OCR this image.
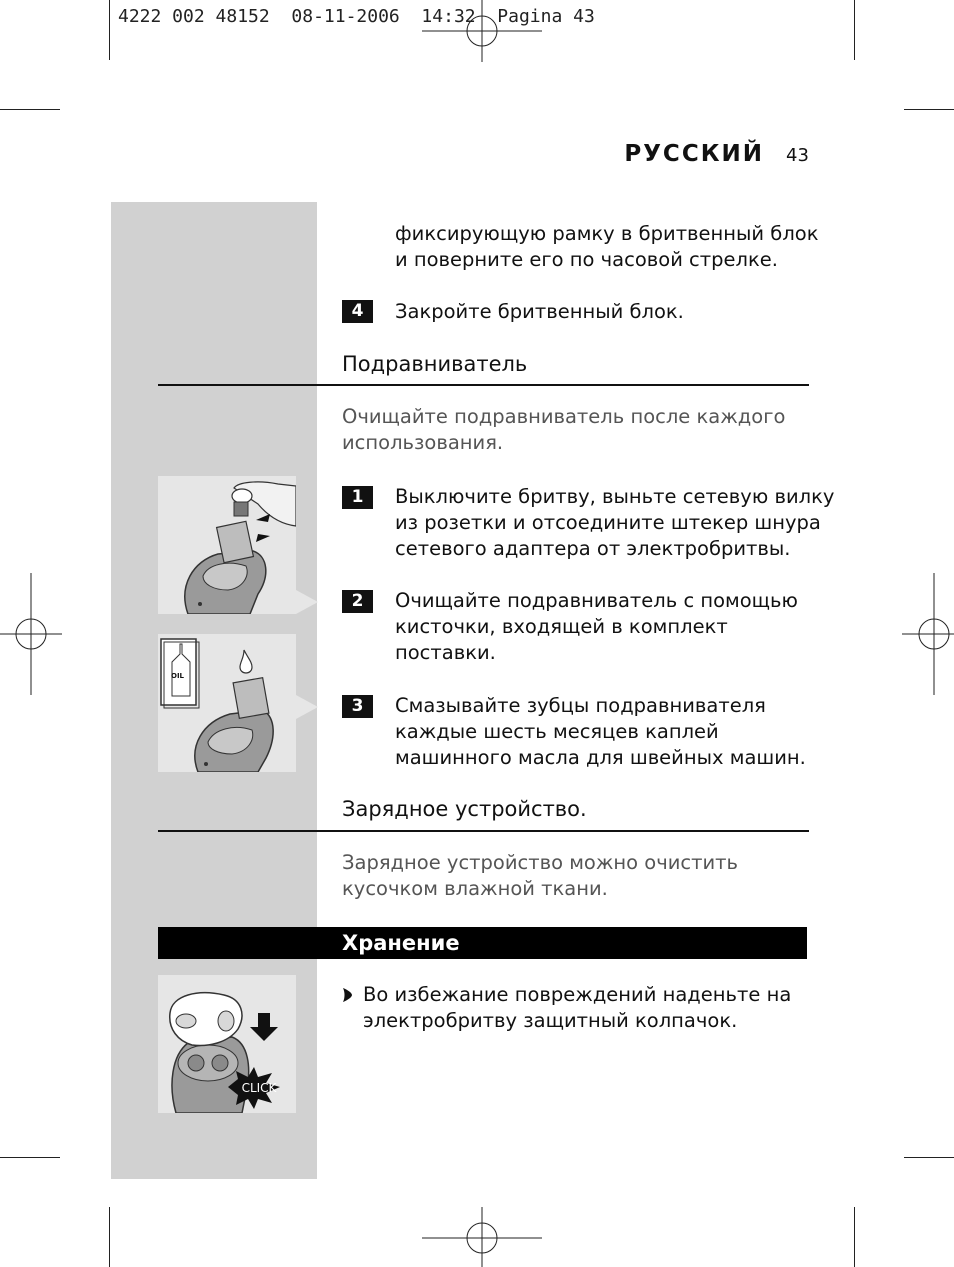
4222 002 48152  08-11-2006  14:32  Pagina 43
РУССКИЙ 43
фиксирующую рамку в бритвенный блок
и поверните его по часовой стрелке.
4	Закройте бритвенный блок.
Подравниватель
Очищайте подравниватель после каждого
использования.
1	Выключите бритву, выньте сетевую вилку
из розетки и отсоедините штекер шнура
сетевого адаптера от электробритвы.
2	Очищайте подравниватель с помощью
кисточки, входящей в комплект
поставки.
3	Смазывайте зубцы подравнивателя
каждые шесть месяцев каплей
машинного масла для швейных машин.
OIL
Зарядное устройство.
Зарядное устройство можно очистить
кусочком влажной ткани.
Хранение
Во избежание повреждений наденьте на
электробритву защитный колпачок.
CLICK
